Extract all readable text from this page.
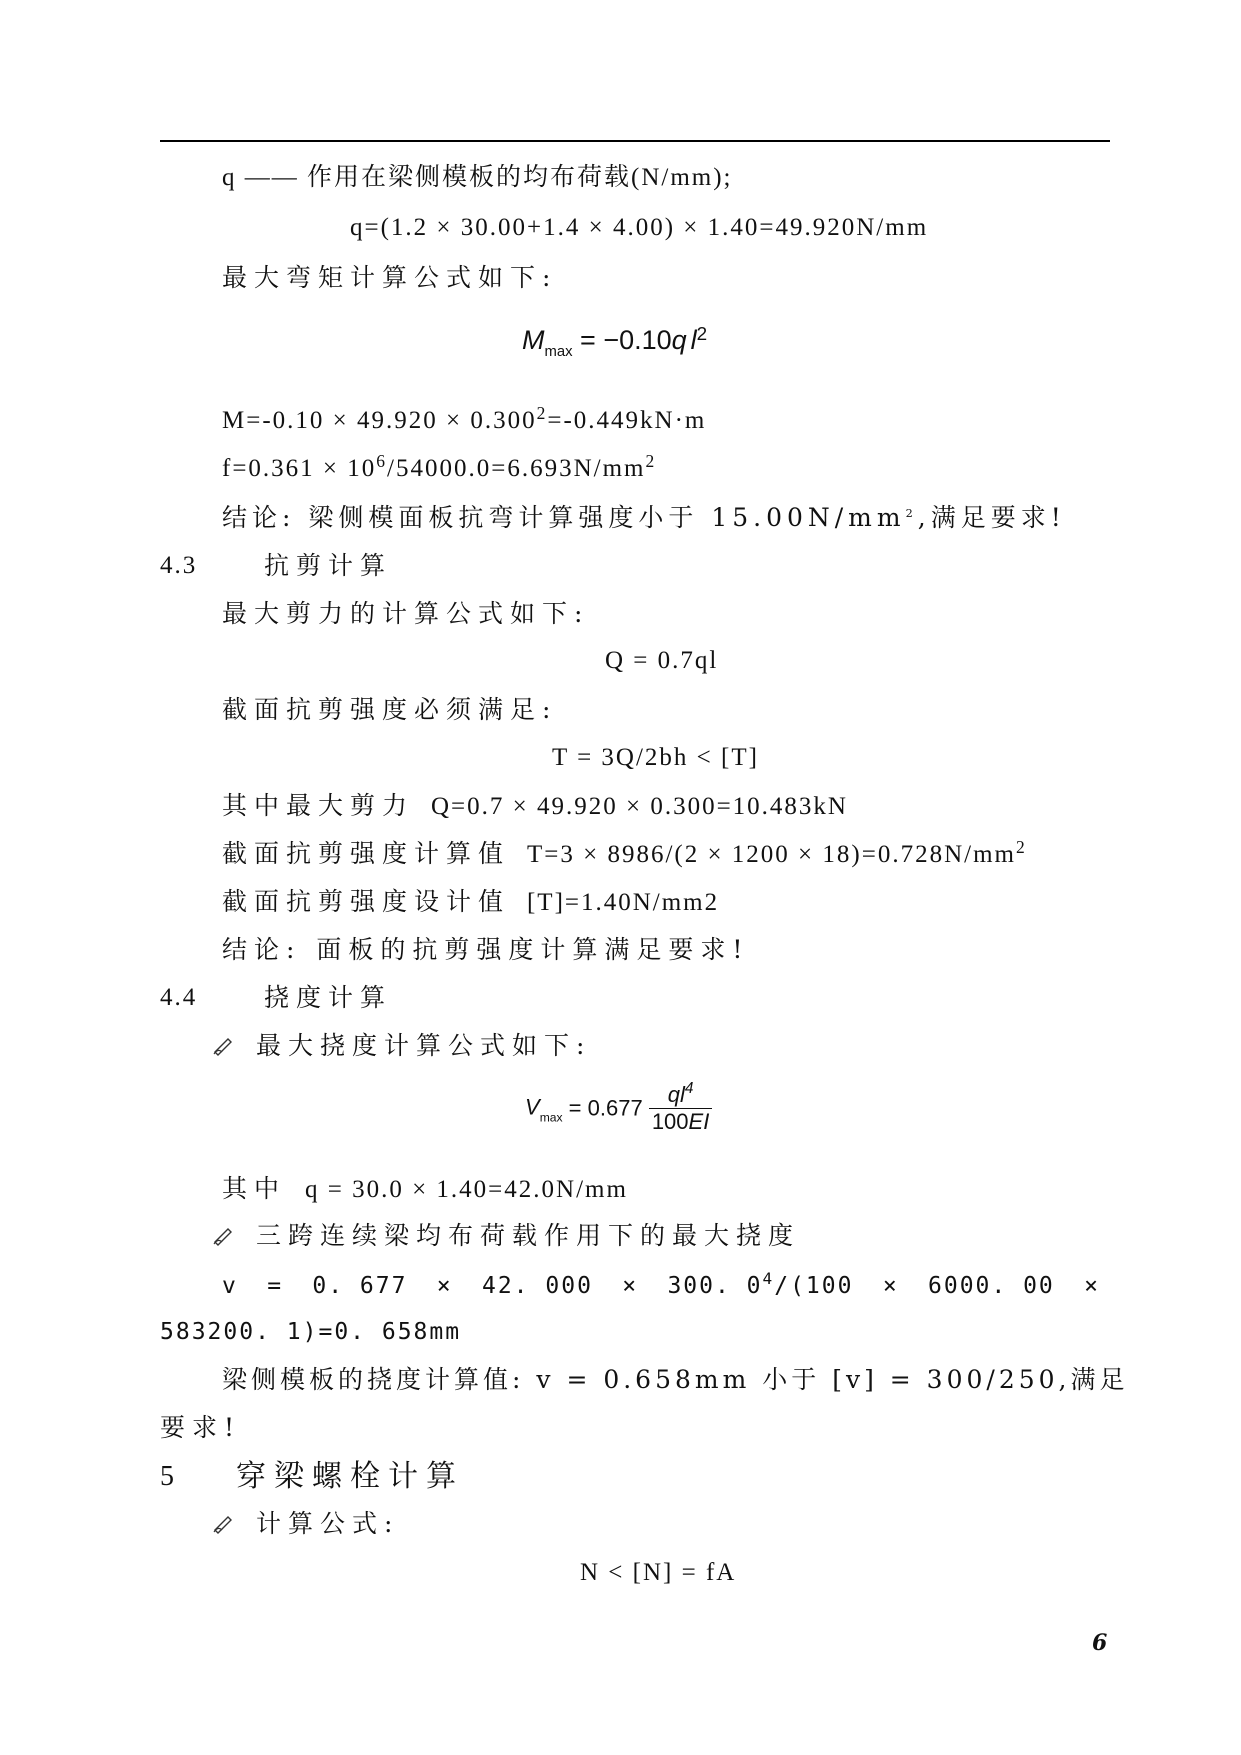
q —— 作用在梁侧模板的均布荷载(N/mm);
q=(1.2 × 30.00+1.4 × 4.00) × 1.40=49.920N/mm
最大弯矩计算公式如下:
$M_{max} = -0.10q$ $l^2$
$M=-0.10 \times 49.920 \times 0.300^2=-0.449kN\cdot m$
$f=0.361 \times 10^6/54000.0=6.693N/mm^2$
结论: 梁侧模面板抗弯计算强度小于 $15.00N/mm^2$,满足要求!
4.3	抗剪计算
最大剪力的计算公式如下:
Q = 0.7ql
截面抗剪强度必须满足:
T = 3Q/2bh < [T]
其中最大剪力 Q=0.7 × 49.920 × 0.300=10.483kN
截面抗剪强度计算值 $T=3 \times 8986/(2 \times 1200 \times 18)=0.728N/mm^2$
截面抗剪强度设计值 [T]=1.40N/mm2
结论: 面板的抗剪强度计算满足要求!
4.4	挠度计算
最大挠度计算公式如下:
$V_{max} = 0.677 \frac{ql^4}{100EI}$
其中 q = 30.0 × 1.40=42.0N/mm
三跨连续梁均布荷载作用下的最大挠度
v = 0. 677 × 42. 000 × 300. $0^4/(100 \times 6000$. 00 ×
583200. 1)=0. 658mm
梁侧模板的挠度计算值: v = 0.658mm 小于 [v] = 300/250,满足
要求!
5 穿梁螺栓计算
计算公式:
N < [N] = fA
6
